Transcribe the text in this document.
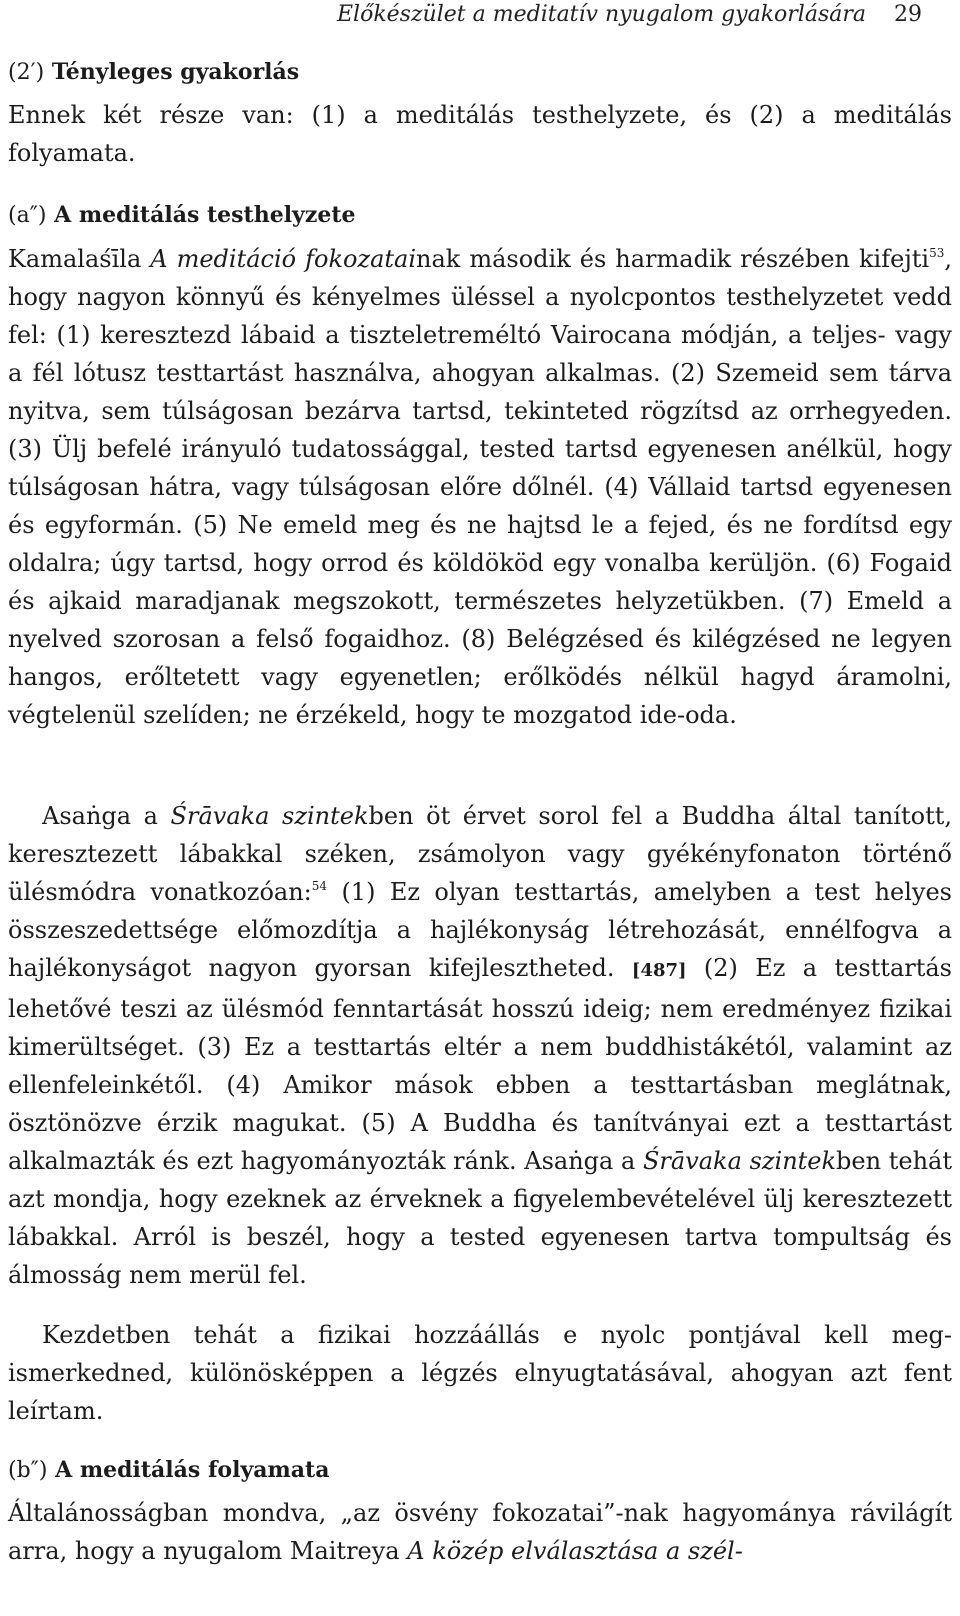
Előkészület a meditatív nyugalom gyakorlására 29
(2′) Tényleges gyakorlás

Ennek két része van: (1) a meditálás testhelyzete, és (2) a meditálás folyamata.

(a″) A meditálás testhelyzete

Kamalaśīla A meditáció fokozatainak második és harmadik részében kifejti$^{53}$, hogy nagyon könnyű és kényelmes üléssel a nyolcpontos testhelyzetet vedd fel: (1) keresztezd lábaid a tiszteletreméltó Vairocana módján, a teljes- vagy a fél lótusz testtartást használva, ahogyan alkalmas. (2) Szemeid sem tárva nyitva, sem túlságosan bezárva tartsd, tekinteted rögzítsd az orrhegyeden. (3) Ülj befelé irányuló tudatossággal, tested tartsd egyenesen anélkül, hogy túlságosan hátra, vagy túlságosan előre dőlnél. (4) Vállaid tartsd egyenesen és egyformán. (5) Ne emeld meg és ne hajtsd le a fejed, és ne fordítsd egy oldalra; úgy tartsd, hogy orrod és köldököd egy vonalba kerüljön. (6) Fogaid és ajkaid maradjanak megszokott, természetes helyzetükben. (7) Emeld a nyelved szorosan a felső fogaidhoz. (8) Belégzésed és kilégzésed ne legyen hangos, erőltetett vagy egyenetlen; erőlködés nélkül hagyd áramolni, végtelenül szelíden; ne érzékeld, hogy te mozgatod ide-oda.

Asaṅga a Śrāvaka szintekben öt érvet sorol fel a Buddha által tanított, keresztezett lábakkal széken, zsámolyon vagy gyékényfonaton történő ülésmódra vonatkozóan:$^{54}$ (1) Ez olyan testtartás, amelyben a test helyes összeszedettsége előmozdítja a hajlékonyság létrehozását, ennélfogva a hajlékonyságot nagyon gyorsan kifejlesztheted. [487] (2) Ez a testtartás lehetővé teszi az ülésmód fenntartását hosszú ideig; nem eredményez fizikai kimerültséget. (3) Ez a testtartás eltér a nem buddhistákétól, valamint az ellenfeleinkétől. (4) Amikor mások ebben a testtartásban meglátnak, ösztönözve érzik magukat. (5) A Buddha és tanítványai ezt a testtartást alkalmazták és ezt hagyományozták ránk. Asaṅga a Śrāvaka szintekben tehát azt mondja, hogy ezeknek az érveknek a figyelembevételével ülj keresztezett lábakkal. Arról is beszél, hogy a tested egyenesen tartva tompultság és álmosság nem merül fel.

Kezdetben tehát a fizikai hozzáállás e nyolc pontjával kell megismerkedned, különösképpen a légzés elnyugtatásával, ahogyan azt fent leírtam.

(b″) A meditálás folyamata

Általánosságban mondva, „az ösvény fokozatai”-nak hagyománya rávilágít arra, hogy a nyugalom Maitreya A közép elválasztása a szél-
